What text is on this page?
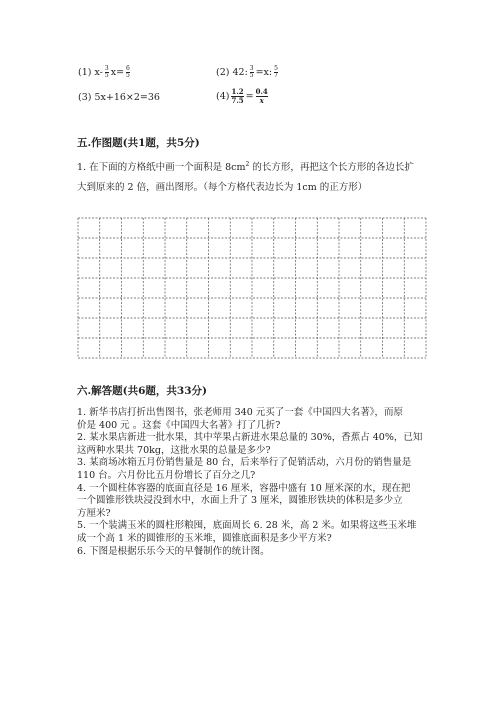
(1) $x- \frac{3}{5} x= \frac{6}{5}$	(2) 42: $\frac{3}{5} =x$: $\frac{5}{7}$
(3) 5x+16×2=36	$(4) \frac{1.2}{7.5} = \frac{0.4}{x}$
五.作图题(共1题，共5分)
1. 在下面的方格纸中画一个面积是 $8cm^2$ 的长方形，再把这个长方形的各边长扩
大到原来的 2 倍，画出图形。（每个方格代表边长为 1cm 的正方形）
六.解答题(共6题，共33分)
1. 新华书店打折出售图书，张老师用 340 元买了一套《中国四大名著》，而原
价是 400 元 。这套《中国四大名著》打了几折?
2. 某水果店新进一批水果，其中苹果占新进水果总量的 30%，香蕉占 40%，已知
这两种水果共 70kg，这批水果的总量是多少?
3. 某商场冰箱五月份销售量是 80 台，后来举行了促销活动，六月份的销售量是
110 台。六月份比五月份增长了百分之几?
4. 一个圆柱体容器的底面直径是 16 厘米，容器中盛有 10 厘米深的水，现在把
一个圆锥形铁块浸没到水中，水面上升了 3 厘米，圆锥形铁块的体积是多少立
方厘米?
5. 一个装满玉米的圆柱形粮囤，底面周长 6. 28 米，高 2 米。如果将这些玉米堆
成一个高 1 米的圆锥形的玉米堆，圆锥底面积是多少平方米?
6. 下图是根据乐乐今天的早餐制作的统计图。
